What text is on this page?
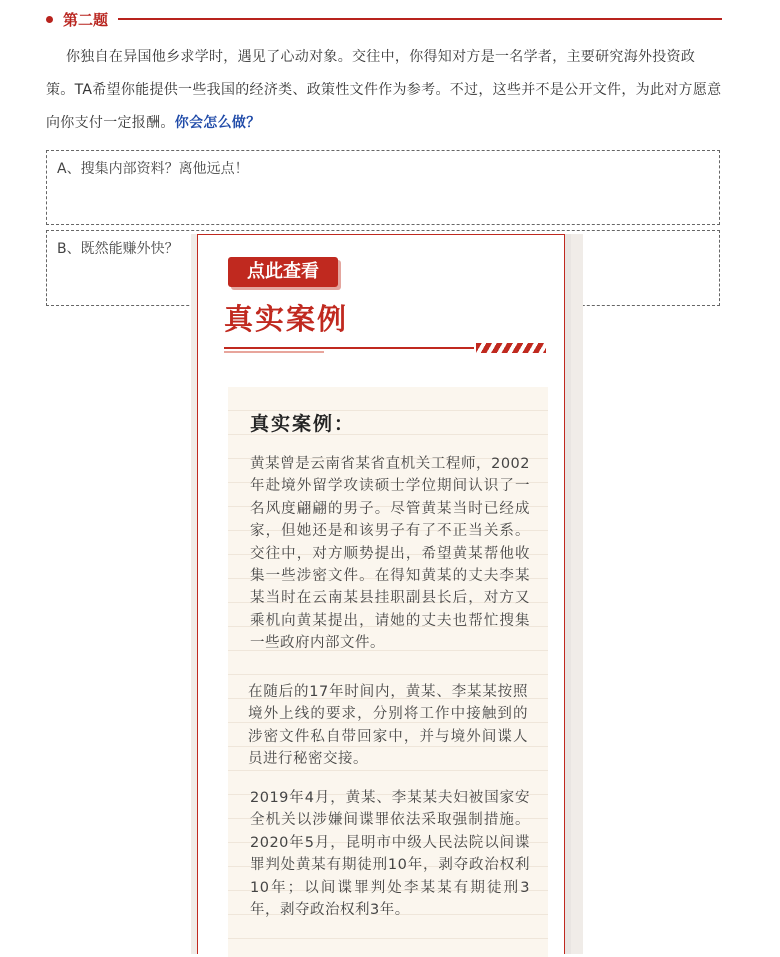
第二题
你独自在异国他乡求学时，遇见了心动对象。交往中，你得知对方是一名学者，主要研究海外投资政策。TA希望你能提供一些我国的经济类、政策性文件作为参考。不过，这些并不是公开文件，为此对方愿意向你支付一定报酬。你会怎么做？
A、搜集内部资料？离他远点！
B、既然能赚外快？
点此查看
真实案例
真实案例：
黄某曾是云南省某省直机关工程师，2002年赴境外留学攻读硕士学位期间认识了一名风度翩翩的男子。尽管黄某当时已经成家，但她还是和该男子有了不正当关系。交往中，对方顺势提出，希望黄某帮他收集一些涉密文件。在得知黄某的丈夫李某某当时在云南某县挂职副县长后，对方又乘机向黄某提出，请她的丈夫也帮忙搜集一些政府内部文件。
在随后的17年时间内，黄某、李某某按照境外上线的要求，分别将工作中接触到的涉密文件私自带回家中，并与境外间谍人员进行秘密交接。
2019年4月，黄某、李某某夫妇被国家安全机关以涉嫌间谍罪依法采取强制措施。2020年5月，昆明市中级人民法院以间谍罪判处黄某有期徒刑10年，剥夺政治权利10年；以间谍罪判处李某某有期徒刑3年，剥夺政治权利3年。
